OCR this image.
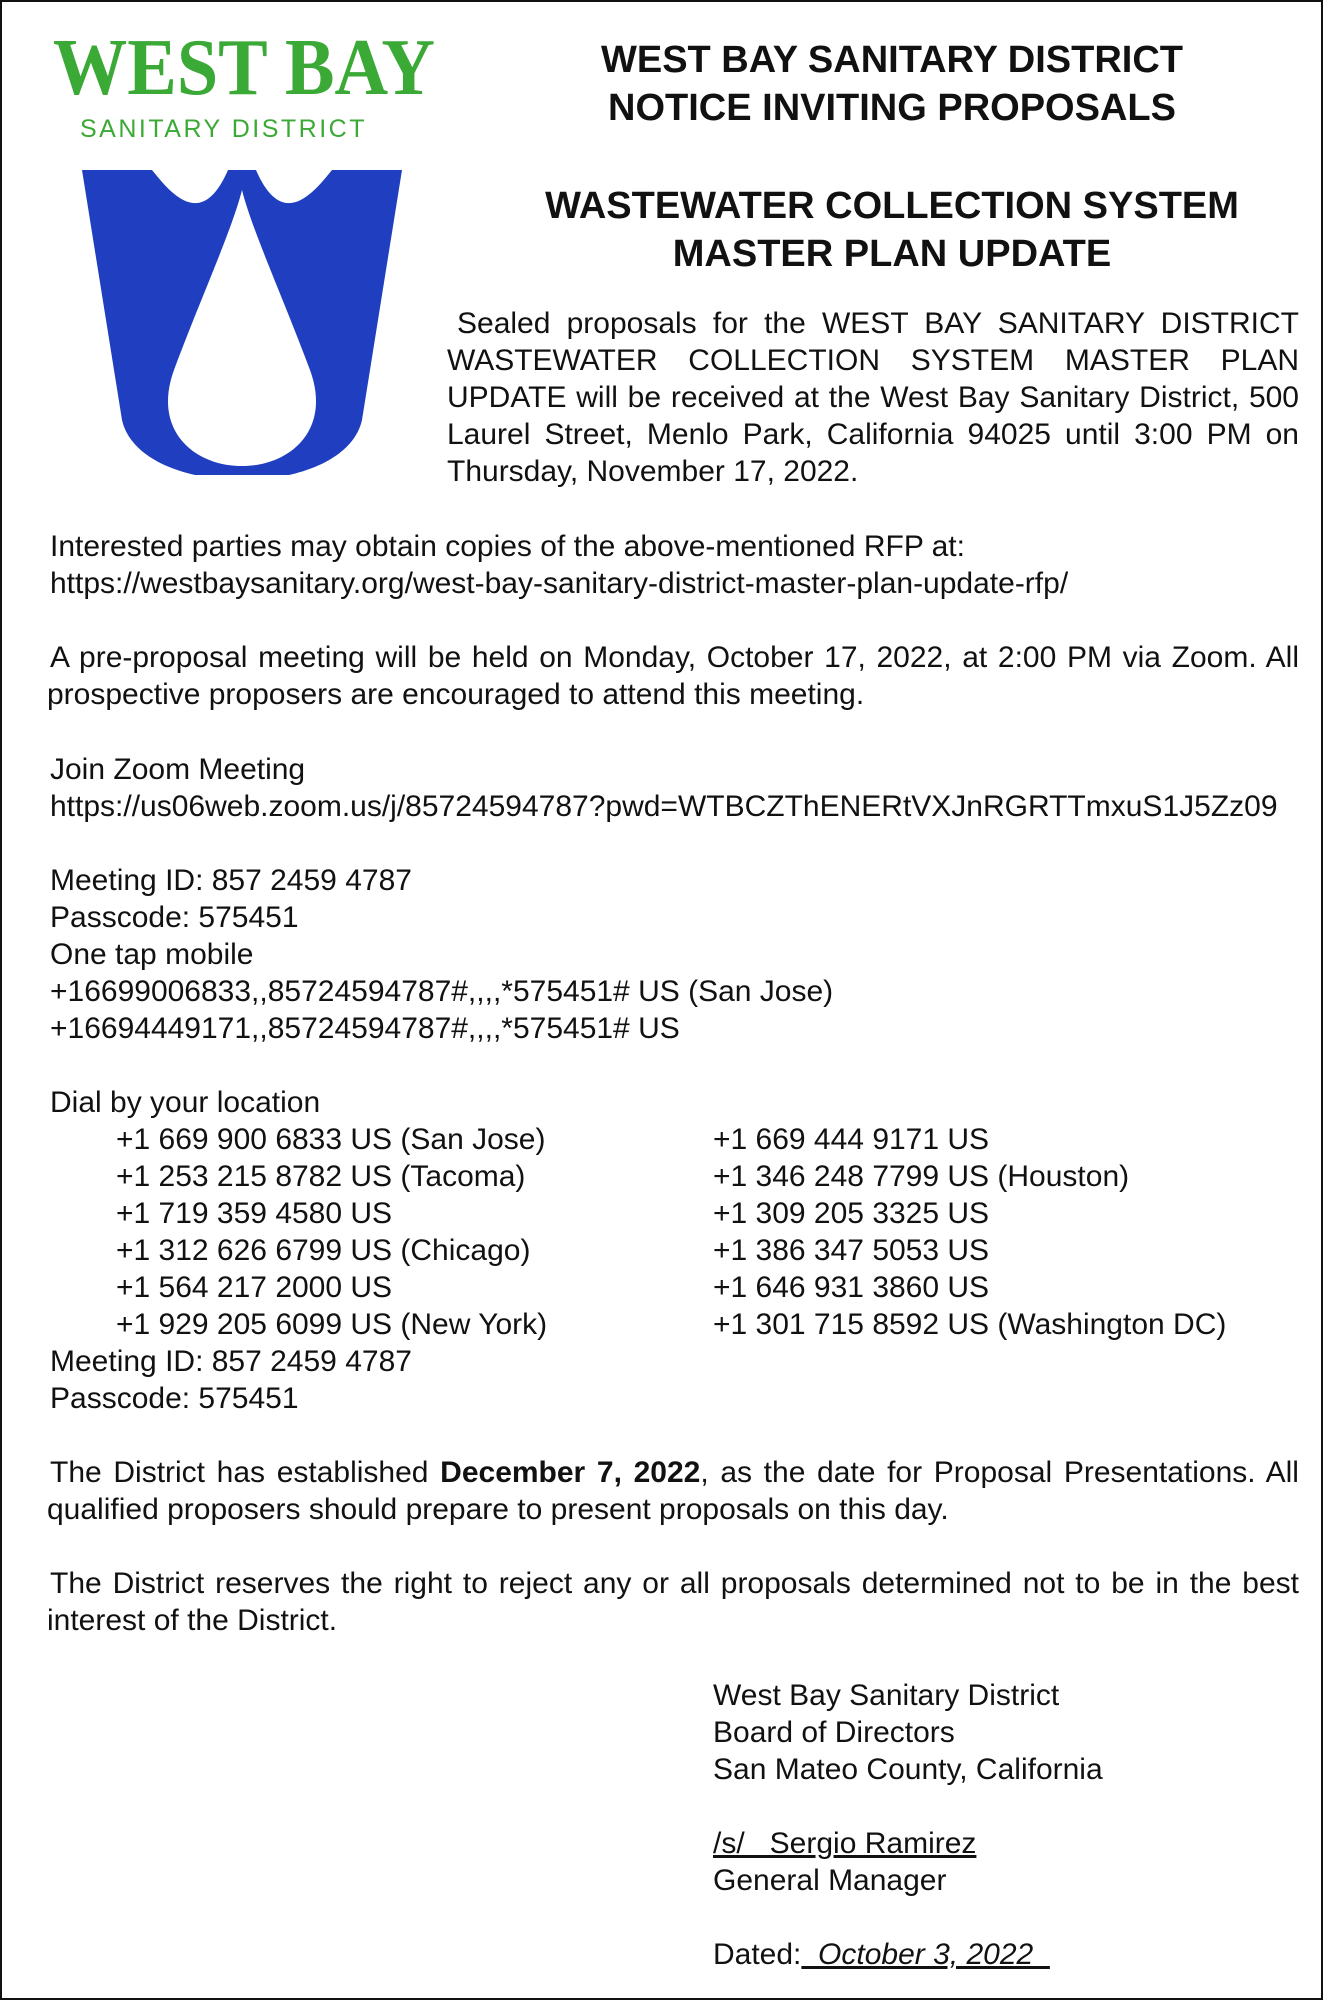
WEST BAY
SANITARY DISTRICT
WEST BAY SANITARY DISTRICT
NOTICE INVITING PROPOSALS
WASTEWATER COLLECTION SYSTEM
MASTER PLAN UPDATE
Sealed proposals for the WEST BAY SANITARY DISTRICT WASTEWATER COLLECTION SYSTEM MASTER PLAN UPDATE will be received at the West Bay Sanitary District, 500 Laurel Street, Menlo Park, California 94025 until 3:00 PM on Thursday, November 17, 2022.
Interested parties may obtain copies of the above-mentioned RFP at:
https://westbaysanitary.org/west-bay-sanitary-district-master-plan-update-rfp/
A pre-proposal meeting will be held on Monday, October 17, 2022, at 2:00 PM via Zoom. All prospective proposers are encouraged to attend this meeting.
Join Zoom Meeting
https://us06web.zoom.us/j/85724594787?pwd=WTBCZThENERtVXJnRGRTTmxuS1J5Zz09
Meeting ID: 857 2459 4787
Passcode: 575451
One tap mobile
+16699006833,,85724594787#,,,,*575451# US (San Jose)
+16694449171,,85724594787#,,,,*575451# US
Dial by your location
+1 669 900 6833 US (San Jose)
+1 253 215 8782 US (Tacoma)
+1 719 359 4580 US
+1 312 626 6799 US (Chicago)
+1 564 217 2000 US
+1 929 205 6099 US (New York)
+1 669 444 9171 US
+1 346 248 7799 US (Houston)
+1 309 205 3325 US
+1 386 347 5053 US
+1 646 931 3860 US
+1 301 715 8592 US (Washington DC)
Meeting ID: 857 2459 4787
Passcode: 575451
The District has established December 7, 2022, as the date for Proposal Presentations. All qualified proposers should prepare to present proposals on this day.
The District reserves the right to reject any or all proposals determined not to be in the best interest of the District.
West Bay Sanitary District
Board of Directors
San Mateo County, California
/s/   Sergio Ramirez
General Manager
Dated:  October 3, 2022
